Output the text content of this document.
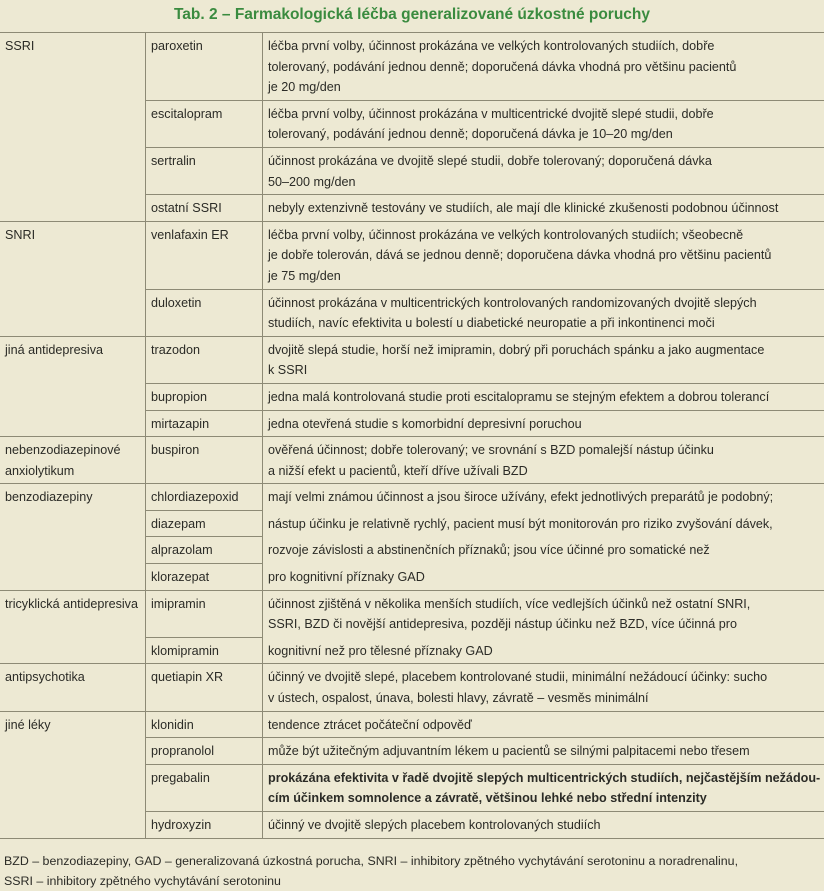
Tab. 2 – Farmakologická léčba generalizované úzkostné poruchy
SSRI	paroxetin	léčba první volby, účinnost prokázána ve velkých kontrolovaných studiích, dobře
tolerovaný, podávání jednou denně; doporučená dávka vhodná pro většinu pacientů
je 20 mg/den

	escitalopram	léčba první volby, účinnost prokázána v multicentrické dvojitě slepé studii, dobře
tolerovaný, podávání jednou denně; doporučená dávka je 10–20 mg/den

	sertralin	účinnost prokázána ve dvojitě slepé studii, dobře tolerovaný; doporučená dávka
50–200 mg/den

	ostatní SSRI	nebyly extenzivně testovány ve studiích, ale mají dle klinické zkušenosti podobnou účinnost

SNRI	venlafaxin ER	léčba první volby, účinnost prokázána ve velkých kontrolovaných studiích; všeobecně
je dobře tolerován, dává se jednou denně; doporučena dávka vhodná pro většinu pacientů
je 75 mg/den

	duloxetin	účinnost prokázána v multicentrických kontrolovaných randomizovaných dvojitě slepých
studiích, navíc efektivita u bolestí u diabetické neuropatie a při inkontinenci moči

jiná antidepresiva	trazodon	dvojitě slepá studie, horší než imipramin, dobrý při poruchách spánku a jako augmentace
k SSRI

	bupropion	jedna malá kontrolovaná studie proti escitalopramu se stejným efektem a dobrou tolerancí

	mirtazapin	jedna otevřená studie s komorbidní depresivní poruchou

nebenzodiazepinové anxiolytikum	buspiron	ověřená účinnost; dobře tolerovaný; ve srovnání s BZD pomalejší nástup účinku
a nižší efekt u pacientů, kteří dříve užívali BZD

benzodiazepiny	chlordiazepoxid	mají velmi známou účinnost a jsou široce užívány, efekt jednotlivých preparátů je podobný;

	diazepam	nástup účinku je relativně rychlý, pacient musí být monitorován pro riziko zvyšování dávek,

	alprazolam	rozvoje závislosti a abstinenčních příznaků; jsou více účinné pro somatické než

	klorazepat	pro kognitivní příznaky GAD

tricyklická antidepresiva	imipramin	účinnost zjištěná v několika menších studiích, více vedlejších účinků než ostatní SNRI,
SSRI, BZD či novější antidepresiva, později nástup účinku než BZD, více účinná pro

	klomipramin	kognitivní než pro tělesné příznaky GAD

antipsychotika	quetiapin XR	účinný ve dvojitě slepé, placebem kontrolované studii, minimální nežádoucí účinky: sucho
v ústech, ospalost, únava, bolesti hlavy, závratě – vesměs minimální

jiné léky	klonidin	tendence ztrácet počáteční odpověď

	propranolol	může být užitečným adjuvantním lékem u pacientů se silnými palpitacemi nebo třesem

	pregabalin	prokázána efektivita v řadě dvojitě slepých multicentrických studiích, nejčastějším nežádou-
cím účinkem somnolence a závratě, většinou lehké nebo střední intenzity

	hydroxyzin	účinný ve dvojitě slepých placebem kontrolovaných studiích
BZD – benzodiazepiny, GAD – generalizovaná úzkostná porucha, SNRI – inhibitory zpětného vychytávání serotoninu a noradrenalinu,
SSRI – inhibitory zpětného vychytávání serotoninu
